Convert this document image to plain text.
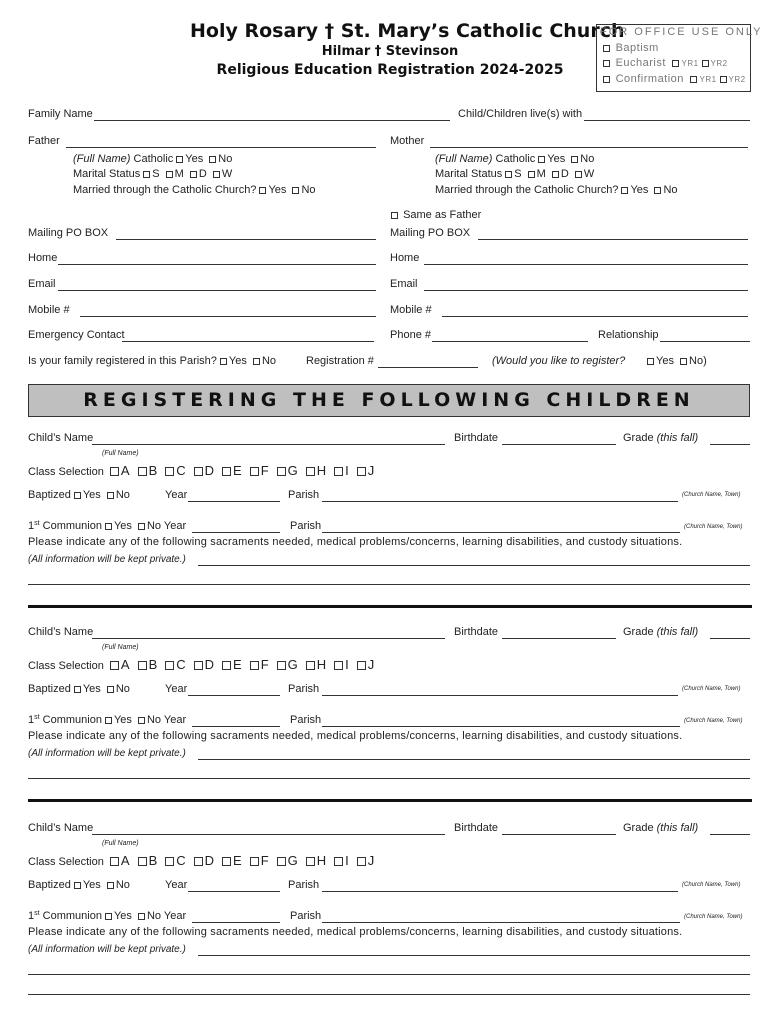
Holy Rosary † St. Mary’s Catholic Church
Hilmar † Stevinson
Religious Education Registration 2024-2025
FOR OFFICE USE ONLY
Baptism
Eucharist YR1 YR2
Confirmation YR1 YR2
Family Name	Child/Children live(s) with
Father	Mother
(Full Name) Catholic Yes No
Marital Status S M D W
Married through the Catholic Church? Yes No
(Full Name) Catholic Yes No
Marital Status S M D W
Married through the Catholic Church? Yes No
Same as Father
Mailing PO BOX	Mailing PO BOX
Home	Home
Email	Email
Mobile #	Mobile #
Emergency Contact	Phone #	Relationship
Is your family registered in this Parish? Yes No	Registration #	(Would you like to register?	Yes No)
REGISTERING THE FOLLOWING CHILDREN
Child’s Name
(Full Name)
Birthdate	Grade (this fall)
Class Selection A B C D E F G H I J
Baptized Yes No	Year	Parish	(Church Name, Town)
1st Communion Yes No Year	Parish	(Church Name, Town)
Please indicate any of the following sacraments needed, medical problems/concerns, learning disabilities, and custody situations.
(All information will be kept private.)
Child’s Name
(Full Name)
Birthdate	Grade (this fall)
Class Selection A B C D E F G H I J
Baptized Yes No	Year	Parish	(Church Name, Town)
1st Communion Yes No Year	Parish	(Church Name, Town)
Please indicate any of the following sacraments needed, medical problems/concerns, learning disabilities, and custody situations.
(All information will be kept private.)
Child’s Name
(Full Name)
Birthdate	Grade (this fall)
Class Selection A B C D E F G H I J
Baptized Yes No	Year	Parish	(Church Name, Town)
1st Communion Yes No Year	Parish	(Church Name, Town)
Please indicate any of the following sacraments needed, medical problems/concerns, learning disabilities, and custody situations.
(All information will be kept private.)
